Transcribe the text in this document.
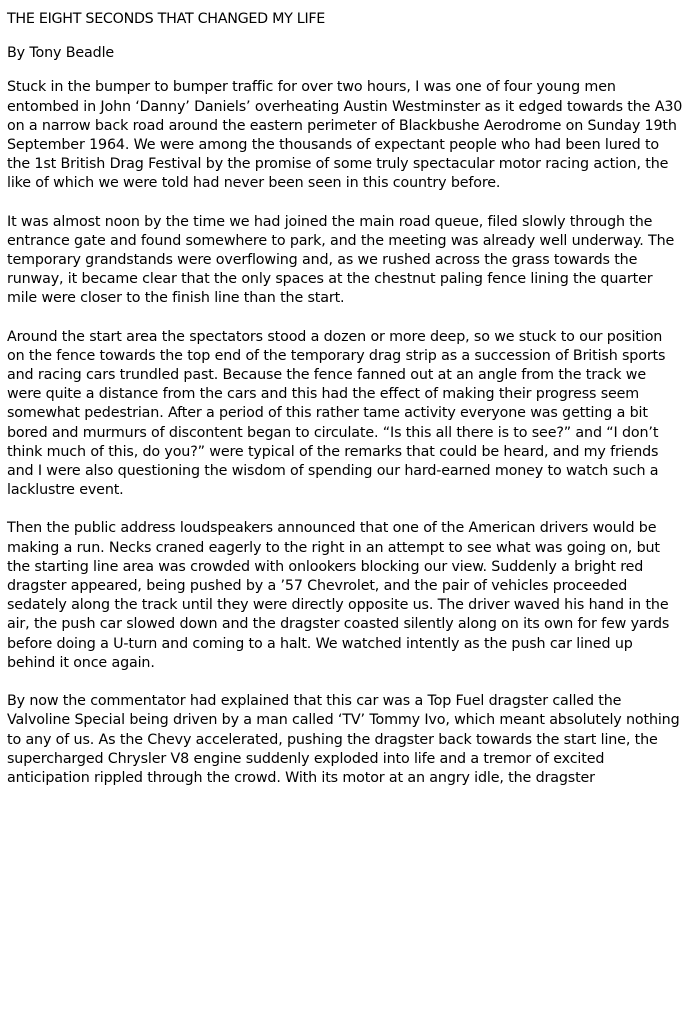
THE EIGHT SECONDS THAT CHANGED MY LIFE
By Tony Beadle

Stuck in the bumper to bumper traffic for over two hours, I was one of four young men entombed in John ‘Danny’ Daniels’ overheating Austin Westminster as it edged towards the A30 on a narrow back road around the eastern perimeter of Blackbushe Aerodrome on Sunday 19th September 1964. We were among the thousands of expectant people who had been lured to the 1st British Drag Festival by the promise of some truly spectacular motor racing action, the like of which we were told had never been seen in this country before.

It was almost noon by the time we had joined the main road queue, filed slowly through the entrance gate and found somewhere to park, and the meeting was already well underway. The temporary grandstands were overflowing and, as we rushed across the grass towards the runway, it became clear that the only spaces at the chestnut paling fence lining the quarter mile were closer to the finish line than the start.

Around the start area the spectators stood a dozen or more deep, so we stuck to our position on the fence towards the top end of the temporary drag strip as a succession of British sports and racing cars trundled past. Because the fence fanned out at an angle from the track we were quite a distance from the cars and this had the effect of making their progress seem somewhat pedestrian. After a period of this rather tame activity everyone was getting a bit bored and murmurs of discontent began to circulate. “Is this all there is to see?” and “I don’t think much of this, do you?” were typical of the remarks that could be heard, and my friends and I were also questioning the wisdom of spending our hard-earned money to watch such a lacklustre event.

Then the public address loudspeakers announced that one of the American drivers would be making a run. Necks craned eagerly to the right in an attempt to see what was going on, but the starting line area was crowded with onlookers blocking our view. Suddenly a bright red dragster appeared, being pushed by a ’57 Chevrolet, and the pair of vehicles proceeded sedately along the track until they were directly opposite us. The driver waved his hand in the air, the push car slowed down and the dragster coasted silently along on its own for few yards before doing a U-turn and coming to a halt. We watched intently as the push car lined up behind it once again.

By now the commentator had explained that this car was a Top Fuel dragster called the Valvoline Special being driven by a man called ‘TV’ Tommy Ivo, which meant absolutely nothing to any of us. As the Chevy accelerated, pushing the dragster back towards the start line, the supercharged Chrysler V8 engine suddenly exploded into life and a tremor of excited anticipation rippled through the crowd. With its motor at an angry idle, the dragster
